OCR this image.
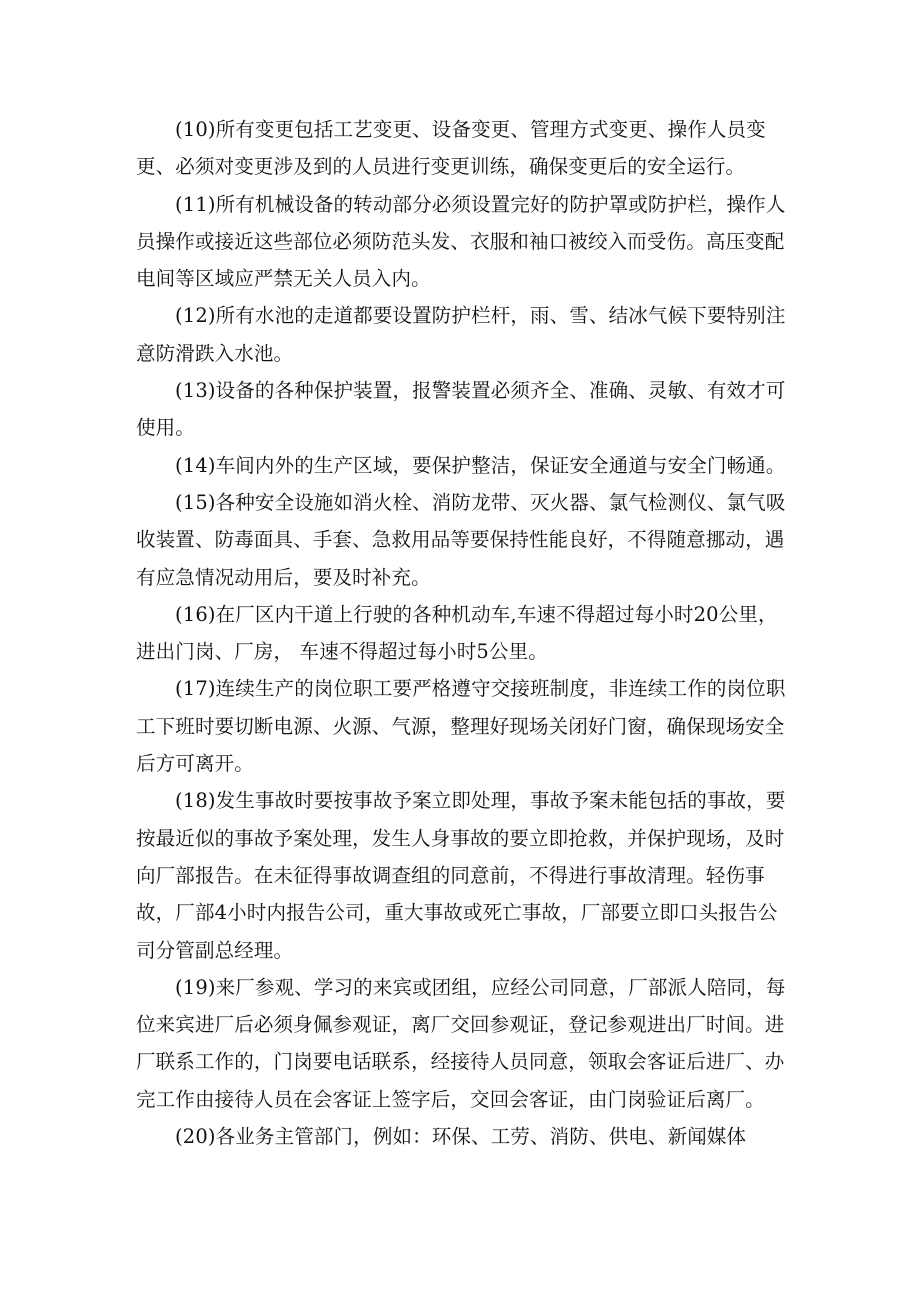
(10)所有变更包括工艺变更、设备变更、管理方式变更、操作人员变更、必须对变更涉及到的人员进行变更训练，确保变更后的安全运行。

(11)所有机械设备的转动部分必须设置完好的防护罩或防护栏，操作人员操作或接近这些部位必须防范头发、衣服和袖口被绞入而受伤。高压变配电间等区域应严禁无关人员入内。

(12)所有水池的走道都要设置防护栏杆，雨、雪、结冰气候下要特别注意防滑跌入水池。

(13)设备的各种保护装置，报警装置必须齐全、准确、灵敏、有效才可使用。

(14)车间内外的生产区域，要保护整洁，保证安全通道与安全门畅通。

(15)各种安全设施如消火栓、消防龙带、灭火器、氯气检测仪、氯气吸收装置、防毒面具、手套、急救用品等要保持性能良好，不得随意挪动，遇有应急情况动用后，要及时补充。

(16)在厂区内干道上行驶的各种机动车,车速不得超过每小时20公里，进出门岗、厂房， 车速不得超过每小时5公里。

(17)连续生产的岗位职工要严格遵守交接班制度，非连续工作的岗位职工下班时要切断电源、火源、气源，整理好现场关闭好门窗，确保现场安全后方可离开。

(18)发生事故时要按事故予案立即处理，事故予案未能包括的事故，要按最近似的事故予案处理，发生人身事故的要立即抢救，并保护现场，及时向厂部报告。在未征得事故调查组的同意前，不得进行事故清理。轻伤事故，厂部4小时内报告公司，重大事故或死亡事故，厂部要立即口头报告公司分管副总经理。

(19)来厂参观、学习的来宾或团组，应经公司同意，厂部派人陪同，每位来宾进厂后必须身佩参观证，离厂交回参观证，登记参观进出厂时间。进厂联系工作的，门岗要电话联系，经接待人员同意，领取会客证后进厂、办完工作由接待人员在会客证上签字后，交回会客证，由门岗验证后离厂。

(20)各业务主管部门，例如：环保、工劳、消防、供电、新闻媒体
